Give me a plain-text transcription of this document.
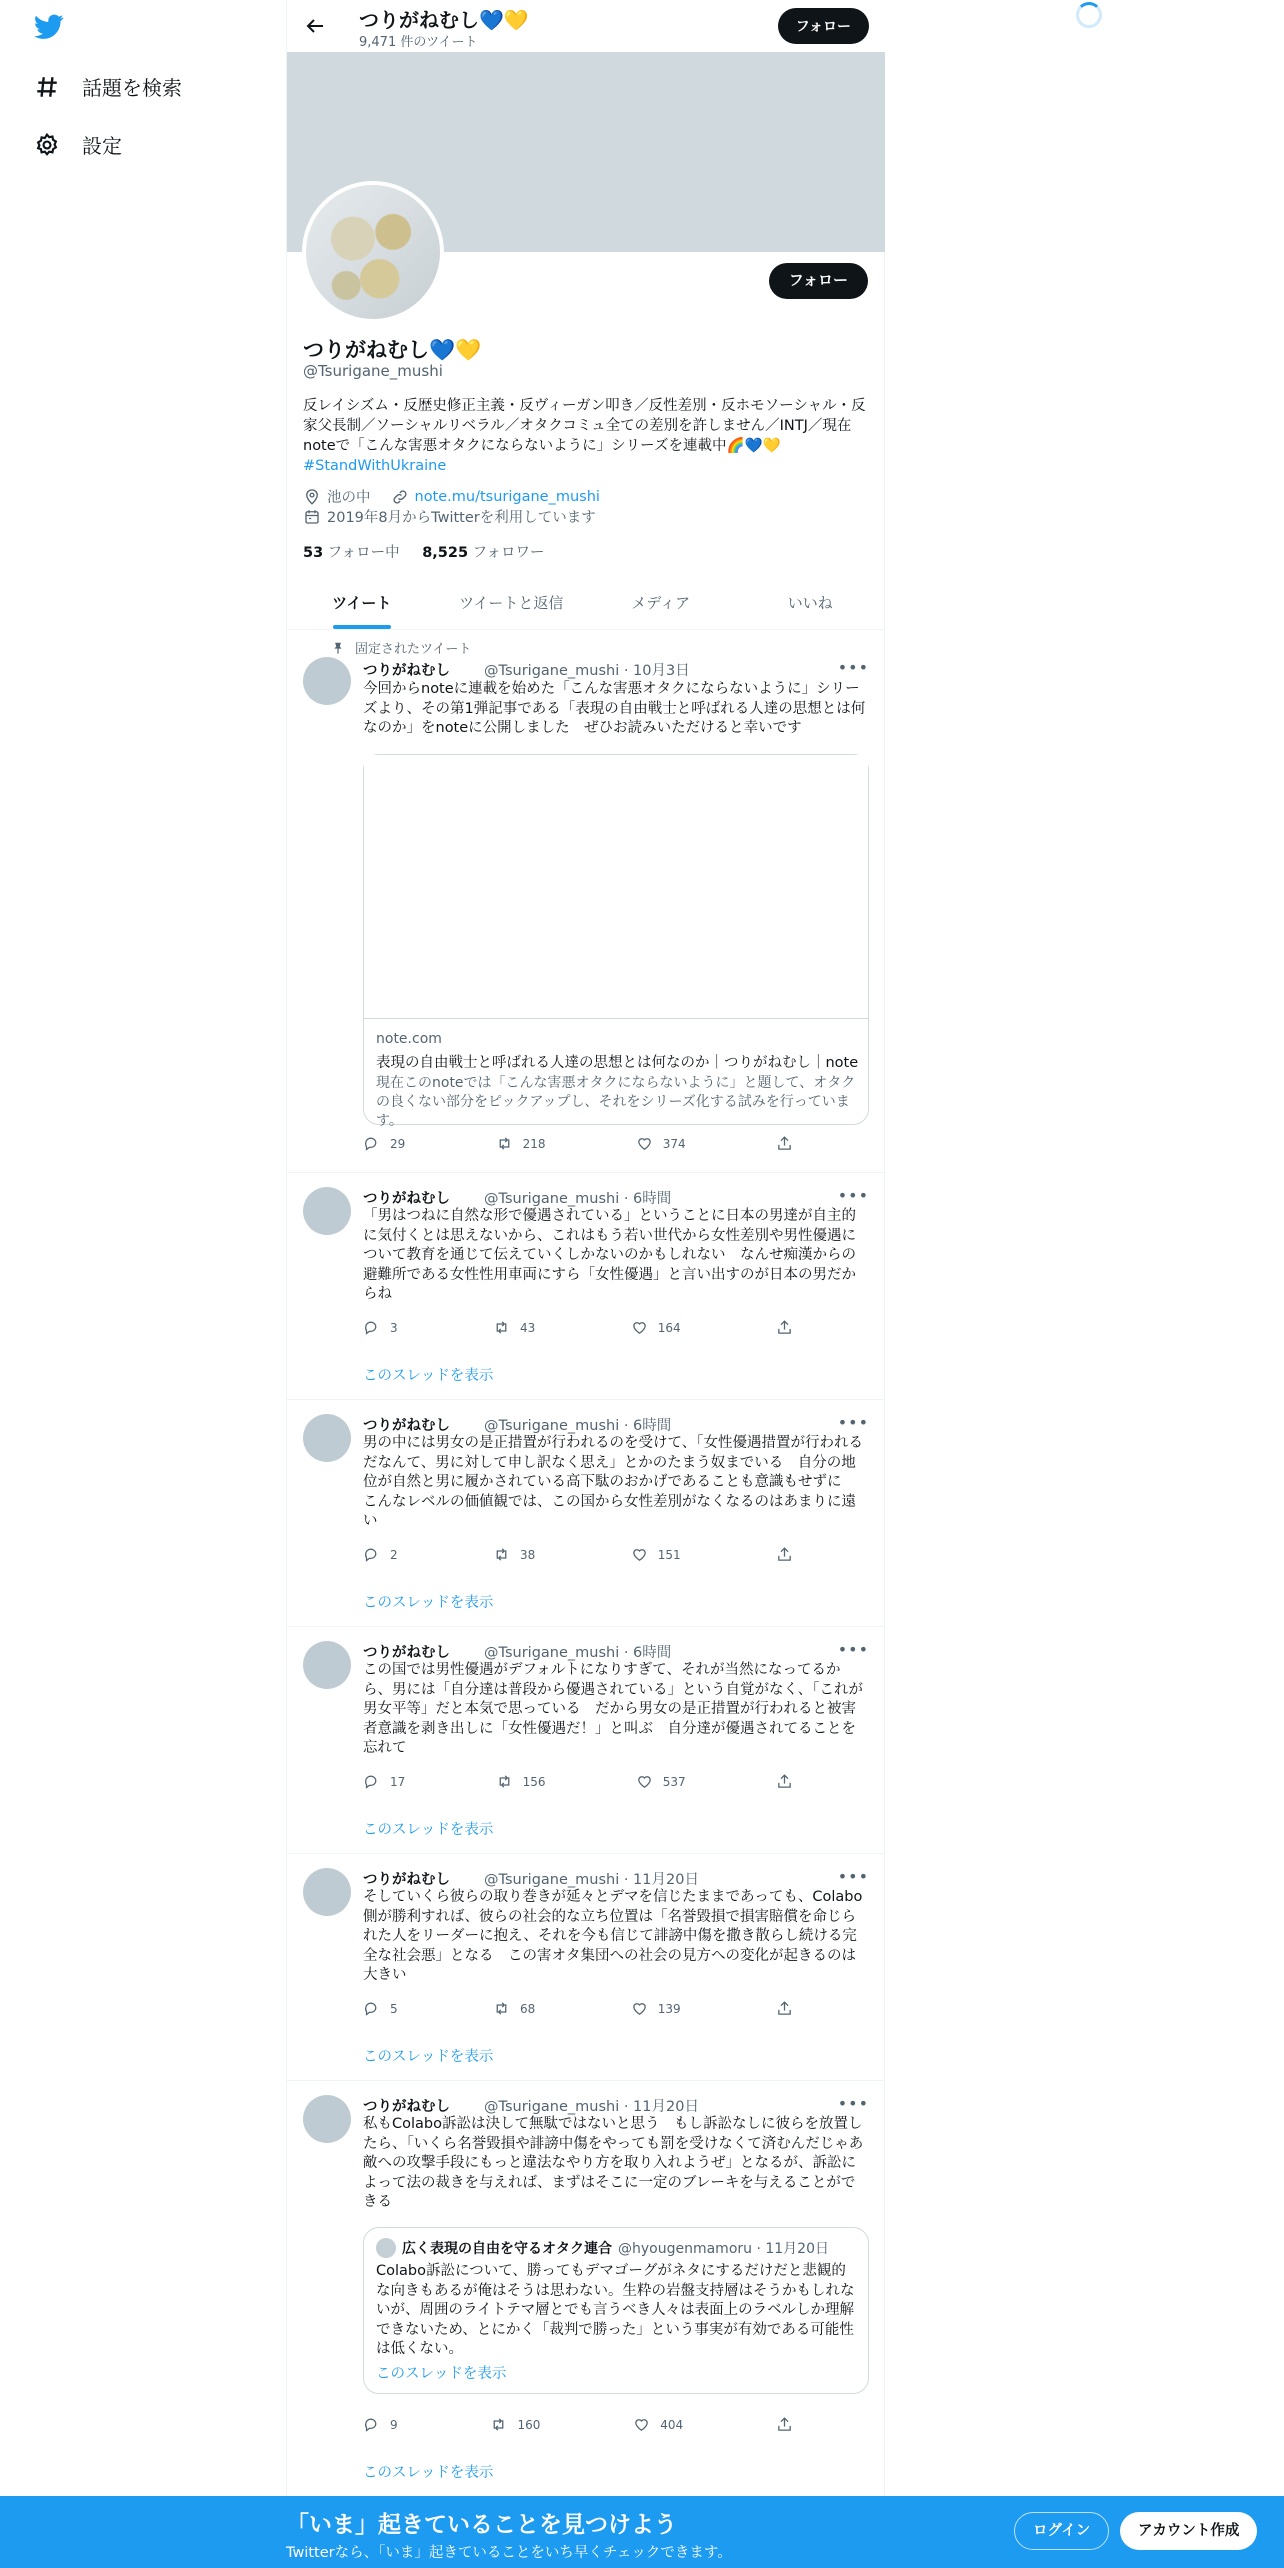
話題を検索
設定
つりがねむし💙💛
9,471 件のツイート
フォロー
フォロー
つりがねむし💙💛
@Tsurigane_mushi
反レイシズム・反歴史修正主義・反ヴィーガン叩き／反性差別・反ホモソーシャル・反家父長制／ソーシャルリベラル／オタクコミュ全ての差別を許しません／INTJ／現在noteで「こんな害悪オタクにならないように」シリーズを連載中🌈💙💛 #StandWithUkraine
池の中	note.mu/tsurigane_mushi
2019年8月からTwitterを利用しています
53 フォロー中 8,525 フォロワー
ツイート	ツイートと返信	メディア	いいね
固定されたツイート
つりがねむし @Tsurigane_mushi · 10月3日	•••
今回からnoteに連載を始めた「こんな害悪オタクにならないように」シリーズより、その第1弾記事である「表現の自由戦士と呼ばれる人達の思想とは何なのか」をnoteに公開しました　ぜひお読みいただけると幸いです
note.com
表現の自由戦士と呼ばれる人達の思想とは何なのか｜つりがねむし｜note
現在このnoteでは「こんな害悪オタクにならないように」と題して、オタクの良くない部分をピックアップし、それをシリーズ化する試みを行っています。
29	218	374
つりがねむし @Tsurigane_mushi · 6時間	•••
「男はつねに自然な形で優遇されている」ということに日本の男達が自主的に気付くとは思えないから、これはもう若い世代から女性差別や男性優遇について教育を通じて伝えていくしかないのかもしれない　なんせ痴漢からの避難所である女性性用車両にすら「女性優遇」と言い出すのが日本の男だからね
3	43	164
このスレッドを表示
つりがねむし @Tsurigane_mushi · 6時間	•••
男の中には男女の是正措置が行われるのを受けて、「女性優遇措置が行われるだなんて、男に対して申し訳なく思え」とかのたまう奴までいる　自分の地位が自然と男に履かされている高下駄のおかげであることも意識もせずに　こんなレベルの価値観では、この国から女性差別がなくなるのはあまりに遠い
2	38	151
このスレッドを表示
つりがねむし @Tsurigane_mushi · 6時間	•••
この国では男性優遇がデフォルトになりすぎて、それが当然になってるから、男には「自分達は普段から優遇されている」という自覚がなく、「これが男女平等」だと本気で思っている　だから男女の是正措置が行われると被害者意識を剥き出しに「女性優遇だ！」と叫ぶ　自分達が優遇されてることを忘れて
17	156	537
このスレッドを表示
つりがねむし @Tsurigane_mushi · 11月20日	•••
そしていくら彼らの取り巻きが延々とデマを信じたままであっても、Colabo側が勝利すれば、彼らの社会的な立ち位置は「名誉毀損で損害賠償を命じられた人をリーダーに抱え、それを今も信じて誹謗中傷を撒き散らし続ける完全な社会悪」となる　この害オタ集団への社会の見方への変化が起きるのは大きい
5	68	139
このスレッドを表示
つりがねむし @Tsurigane_mushi · 11月20日	•••
私もColabo訴訟は決して無駄ではないと思う　もし訴訟なしに彼らを放置したら、「いくら名誉毀損や誹謗中傷をやっても罰を受けなくて済むんだじゃあ敵への攻撃手段にもっと違法なやり方を取り入れようぜ」となるが、訴訟によって法の裁きを与えれば、まずはそこに一定のブレーキを与えることができる
広く表現の自由を守るオタク連合 @hyougenmamoru · 11月20日
Colabo訴訟について、勝ってもデマゴーグがネタにするだけだと悲観的な向きもあるが俺はそうは思わない。生粋の岩盤支持層はそうかもしれないが、周囲のライトテマ層とでも言うべき人々は表面上のラベルしか理解できないため、とにかく「裁判で勝った」という事実が有効である可能性は低くない。
このスレッドを表示
9	160	404
このスレッドを表示
「いま」起きていることを見つけよう
Twitterなら、「いま」起きていることをいち早くチェックできます。
ログイン	アカウント作成
